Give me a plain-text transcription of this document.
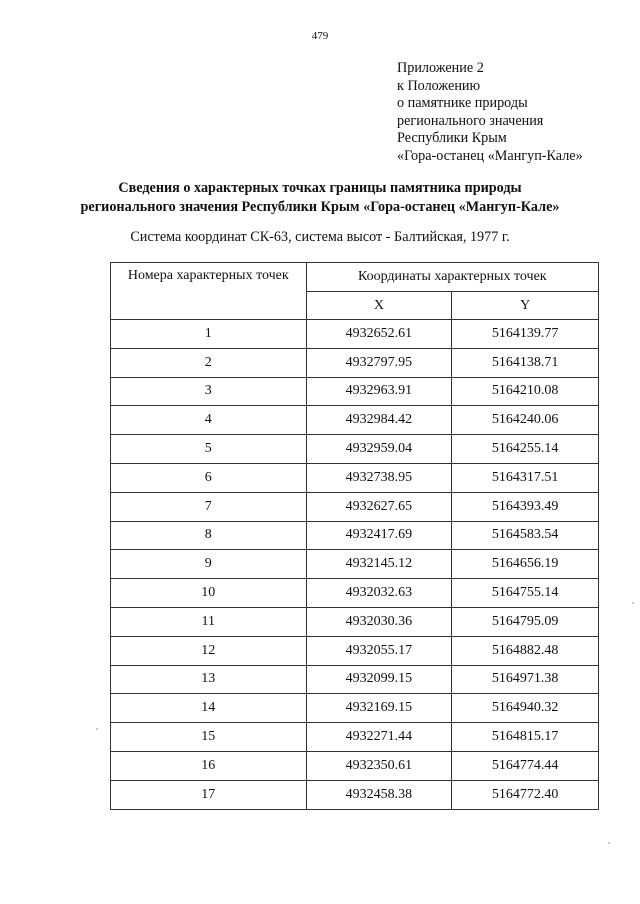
479
Приложение 2
к Положению
о памятнике природы
регионального значения
Республики Крым
«Гора-останец «Мангуп-Кале»
Сведения о характерных точках границы памятника природы
регионального значения Республики Крым «Гора-останец «Мангуп-Кале»
Система координат СК-63, система высот - Балтийская, 1977 г.
Номера характерных точек	Координаты характерных точек	
	X	Y
1	4932652.61	5164139.77
2	4932797.95	5164138.71
3	4932963.91	5164210.08
4	4932984.42	5164240.06
5	4932959.04	5164255.14
6	4932738.95	5164317.51
7	4932627.65	5164393.49
8	4932417.69	5164583.54
9	4932145.12	5164656.19
10	4932032.63	5164755.14
11	4932030.36	5164795.09
12	4932055.17	5164882.48
13	4932099.15	5164971.38
14	4932169.15	5164940.32
15	4932271.44	5164815.17
16	4932350.61	5164774.44
17	4932458.38	5164772.40
